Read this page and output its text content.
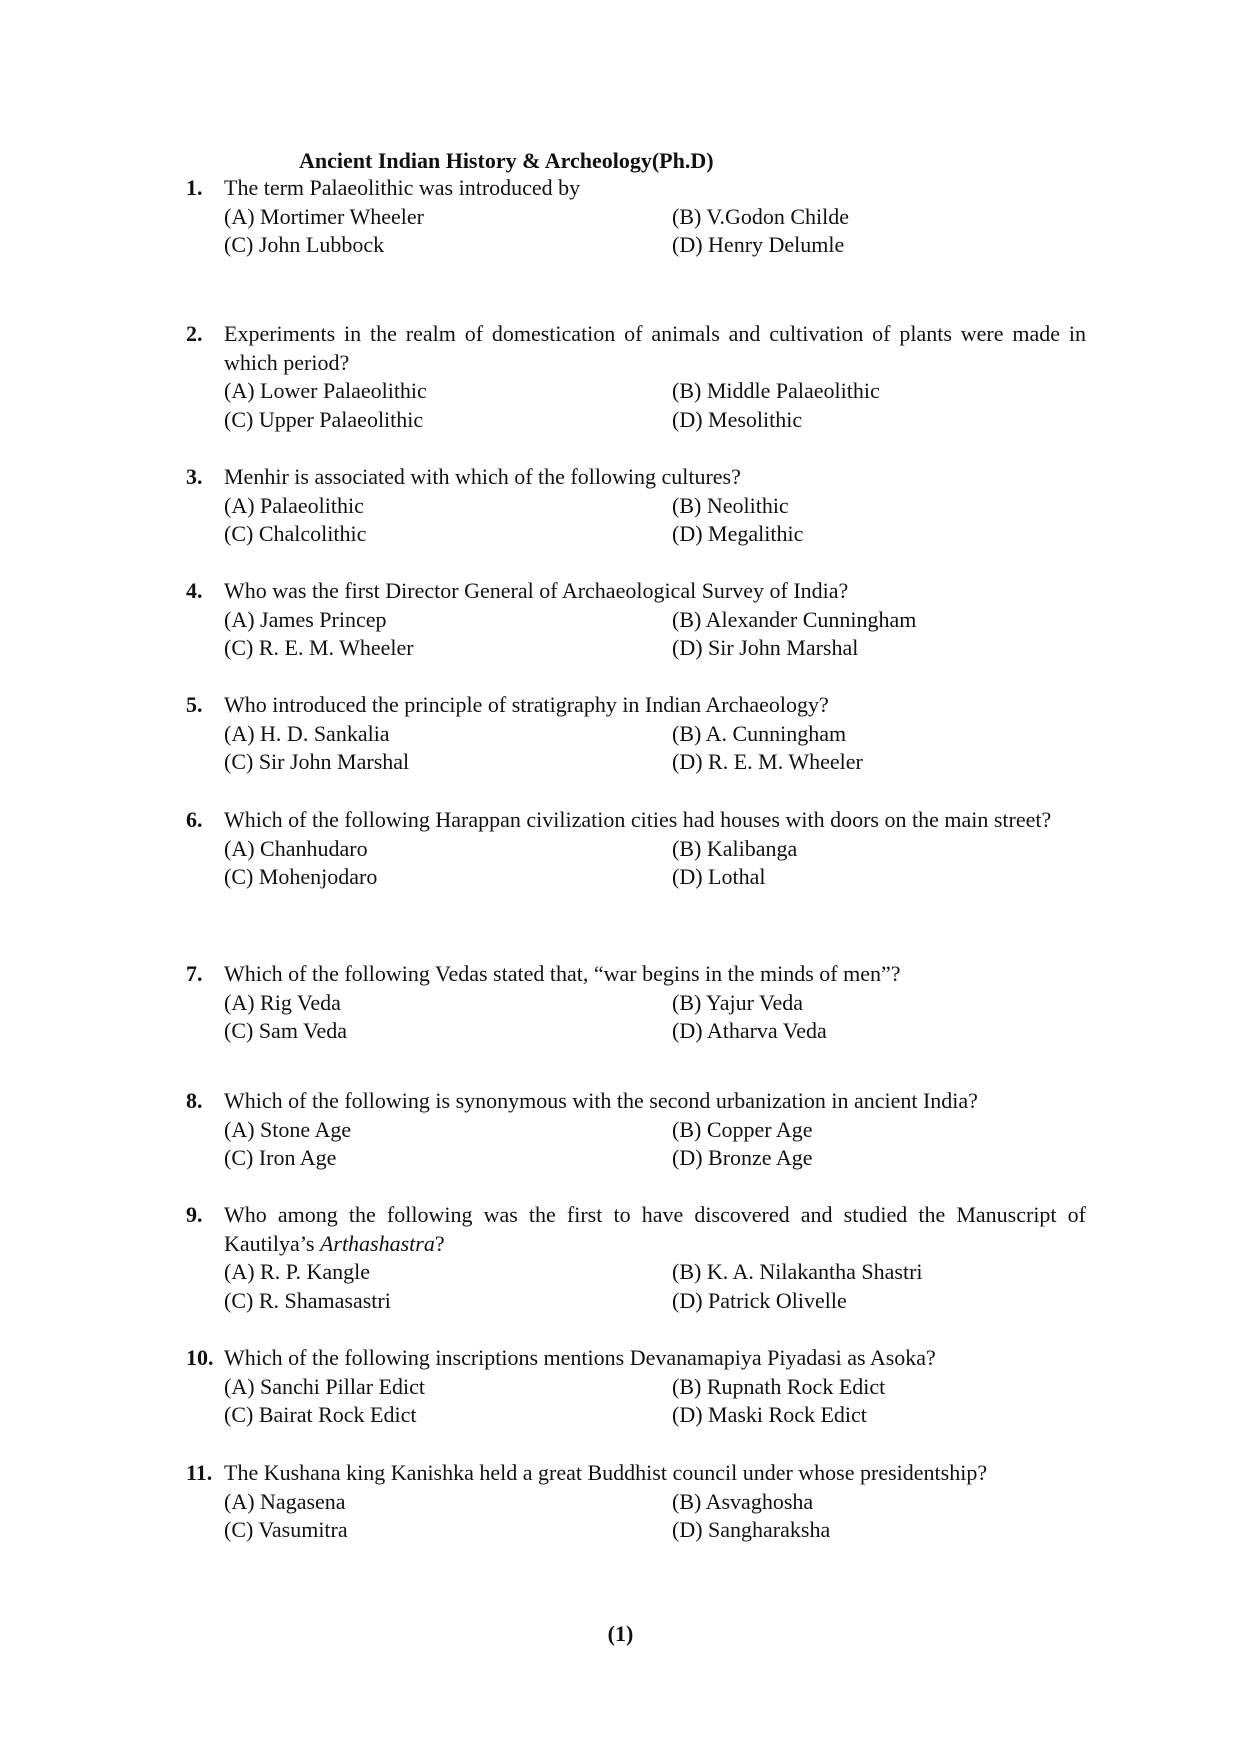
Ancient Indian History & Archeology(Ph.D)
1. The term Palaeolithic was introduced by
(A) Mortimer Wheeler	(B) V.Godon Childe
(C) John Lubbock	(D) Henry Delumle
2. Experiments in the realm of domestication of animals and cultivation of plants were made in which period?
(A) Lower Palaeolithic	(B) Middle Palaeolithic
(C) Upper Palaeolithic	(D) Mesolithic
3. Menhir is associated with which of the following cultures?
(A) Palaeolithic	(B) Neolithic
(C) Chalcolithic	(D) Megalithic
4. Who was the first Director General of Archaeological Survey of India?
(A) James Princep	(B) Alexander Cunningham
(C) R. E. M. Wheeler	(D) Sir John Marshal
5. Who introduced the principle of stratigraphy in Indian Archaeology?
(A) H. D. Sankalia	(B) A. Cunningham
(C) Sir John Marshal	(D) R. E. M. Wheeler
6. Which of the following Harappan civilization cities had houses with doors on the main street?
(A) Chanhudaro	(B) Kalibanga
(C) Mohenjodaro	(D) Lothal
7. Which of the following Vedas stated that, “war begins in the minds of men”?
(A) Rig Veda	(B) Yajur Veda
(C) Sam Veda	(D) Atharva Veda
8. Which of the following is synonymous with the second urbanization in ancient India?
(A) Stone Age	(B) Copper Age
(C) Iron Age	(D) Bronze Age
9. Who among the following was the first to have discovered and studied the Manuscript of Kautilya’s Arthashastra?
(A) R. P. Kangle	(B) K. A. Nilakantha Shastri
(C) R. Shamasastri	(D) Patrick Olivelle
10. Which of the following inscriptions mentions Devanamapiya Piyadasi as Asoka?
(A) Sanchi Pillar Edict	(B) Rupnath Rock Edict
(C) Bairat Rock Edict	(D) Maski Rock Edict
11. The Kushana king Kanishka held a great Buddhist council under whose presidentship?
(A) Nagasena	(B) Asvaghosha
(C) Vasumitra	(D) Sangharaksha
(1)
